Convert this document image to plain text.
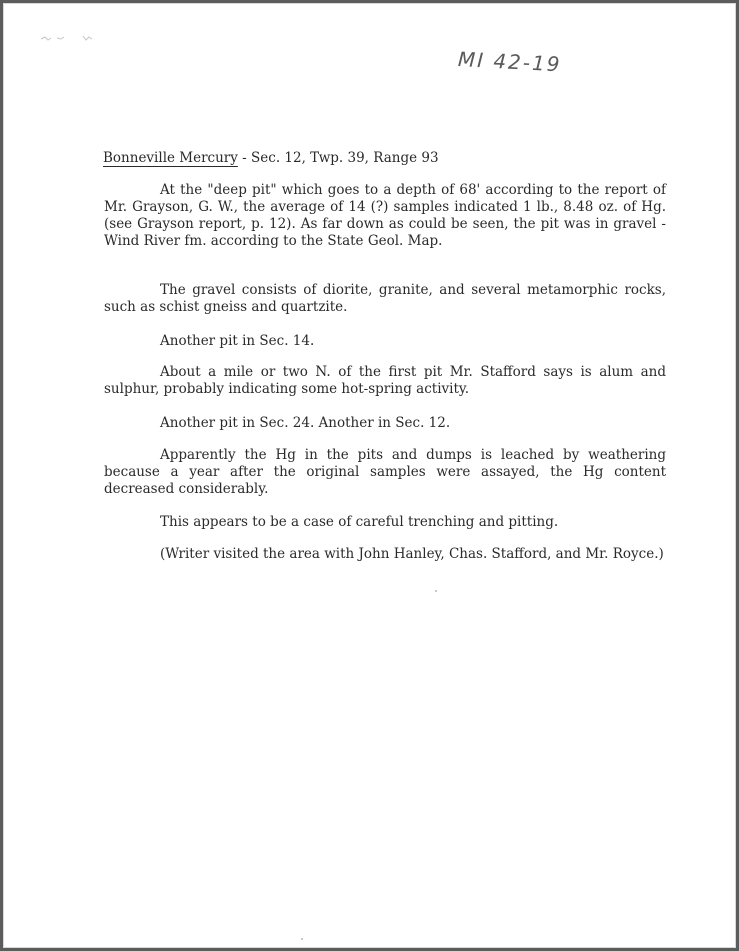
MI 42-19
Bonneville Mercury - Sec. 12, Twp. 39, Range 93

At the "deep pit" which goes to a depth of 68' according to the report of Mr. Grayson, G. W., the average of 14 (?) samples indicated 1 lb., 8.48 oz. of Hg. (see Grayson report, p. 12). As far down as could be seen, the pit was in gravel - Wind River fm. according to the State Geol. Map.

The gravel consists of diorite, granite, and several metamorphic rocks, such as schist gneiss and quartzite.

Another pit in Sec. 14.

About a mile or two N. of the first pit Mr. Stafford says is alum and sulphur, probably indicating some hot-spring activity.

Another pit in Sec. 24. Another in Sec. 12.

Apparently the Hg in the pits and dumps is leached by weathering because a year after the original samples were assayed, the Hg content decreased considerably.

This appears to be a case of careful trenching and pitting.

(Writer visited the area with John Hanley, Chas. Stafford, and Mr. Royce.)
